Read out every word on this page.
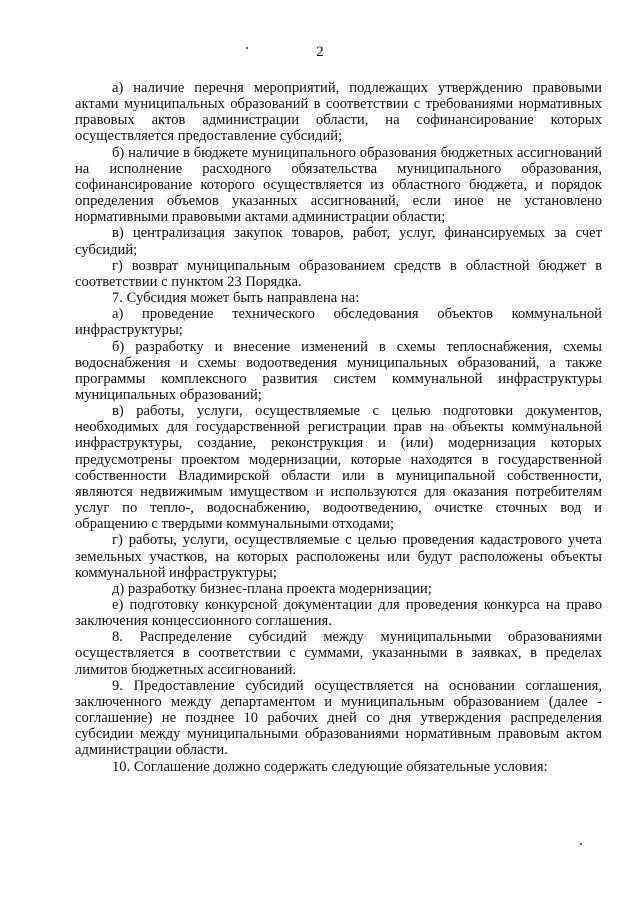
2

а) наличие перечня мероприятий, подлежащих утверждению правовыми актами муниципальных образований в соответствии с требованиями нормативных правовых актов администрации области, на софинансирование которых осуществляется предоставление субсидий;

б) наличие в бюджете муниципального образования бюджетных ассигнований на исполнение расходного обязательства муниципального образования, софинансирование которого осуществляется из областного бюджета, и порядок определения объемов указанных ассигнований, если иное не установлено нормативными правовыми актами администрации области;

в) централизация закупок товаров, работ, услуг, финансируемых за счет субсидий;

г) возврат муниципальным образованием средств в областной бюджет в соответствии с пунктом 23 Порядка.

7. Субсидия может быть направлена на:

а) проведение технического обследования объектов коммунальной инфраструктуры;

б) разработку и внесение изменений в схемы теплоснабжения, схемы водоснабжения и схемы водоотведения муниципальных образований, а также программы комплексного развития систем коммунальной инфраструктуры муниципальных образований;

в) работы, услуги, осуществляемые с целью подготовки документов, необходимых для государственной регистрации прав на объекты коммунальной инфраструктуры, создание, реконструкция и (или) модернизация которых предусмотрены проектом модернизации, которые находятся в государственной собственности Владимирской области или в муниципальной собственности, являются недвижимым имуществом и используются для оказания потребителям услуг по тепло-, водоснабжению, водоотведению, очистке сточных вод и обращению с твердыми коммунальными отходами;

г) работы, услуги, осуществляемые с целью проведения кадастрового учета земельных участков, на которых расположены или будут расположены объекты коммунальной инфраструктуры;

д) разработку бизнес-плана проекта модернизации;

е) подготовку конкурсной документации для проведения конкурса на право заключения концессионного соглашения.

8. Распределение субсидий между муниципальными образованиями осуществляется в соответствии с суммами, указанными в заявках, в пределах лимитов бюджетных ассигнований.

9. Предоставление субсидий осуществляется на основании соглашения, заключенного между департаментом и муниципальным образованием (далее - соглашение) не позднее 10 рабочих дней со дня утверждения распределения субсидии между муниципальными образованиями нормативным правовым актом администрации области.

10. Соглашение должно содержать следующие обязательные условия:
